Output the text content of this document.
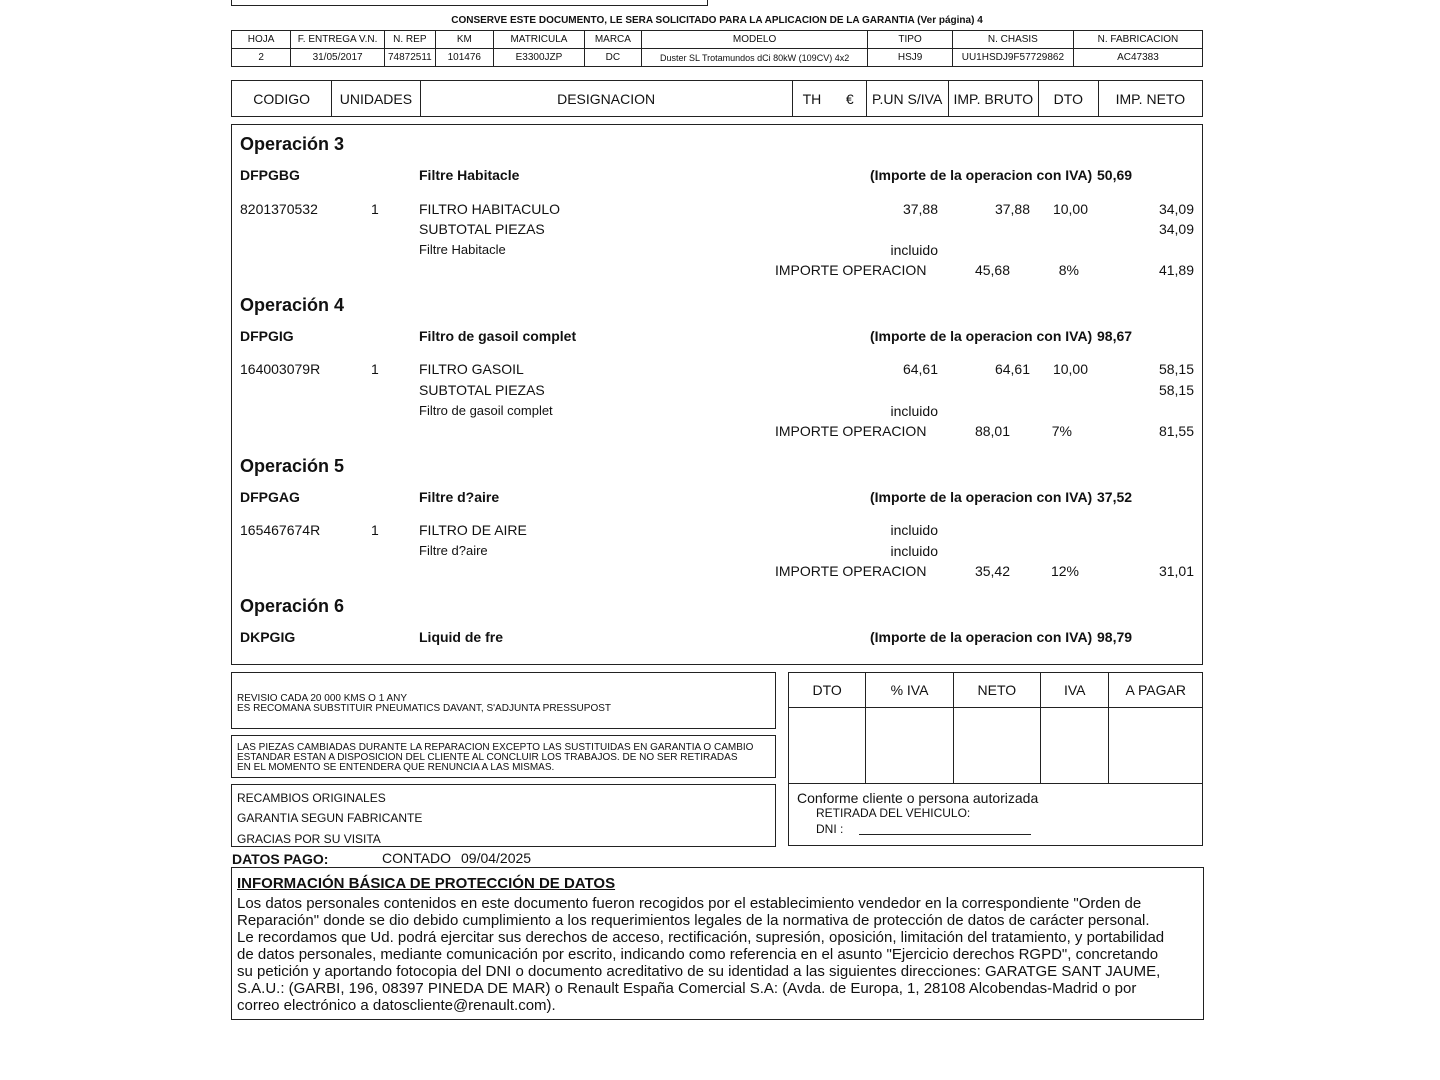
CONSERVE ESTE DOCUMENTO, LE SERA SOLICITADO PARA LA APLICACION DE LA GARANTIA (Ver página) 4
HOJA	F. ENTREGA V.N.	N. REP	KM	MATRICULA	MARCA	MODELO	TIPO	N. CHASIS	N. FABRICACION
2	31/05/2017	74872511	101476	E3300JZP	DC	Duster SL Trotamundos dCi 80kW (109CV) 4x2	HSJ9	UU1HSDJ9F57729862	AC47383
CODIGO	UNIDADES	DESIGNACION	TH €	P.UN S/IVA	IMP. BRUTO	DTO	IMP. NETO
Operación 3
DFPGBG	Filtre Habitacle	(Importe de la operacion con IVA) 50,69
8201370532	1	FILTRO HABITACULO	37,88	37,88 10,00	34,09
SUBTOTAL PIEZAS	34,09
Filtre Habitacle	incluido
IMPORTE OPERACION	45,68	8%	41,89
Operación 4
DFPGIG	Filtro de gasoil complet	(Importe de la operacion con IVA) 98,67
164003079R	1	FILTRO GASOIL	64,61	64,61 10,00	58,15
SUBTOTAL PIEZAS	58,15
Filtro de gasoil complet	incluido
IMPORTE OPERACION	88,01	7%	81,55
Operación 5
DFPGAG	Filtre d?aire	(Importe de la operacion con IVA) 37,52
165467674R	1	FILTRO DE AIRE	incluido
Filtre d?aire	incluido
IMPORTE OPERACION	35,42	12%	31,01
Operación 6
DKPGIG	Liquid de fre	(Importe de la operacion con IVA) 98,79
REVISIO CADA 20 000 KMS O 1 ANY
ES RECOMANA SUBSTITUIR PNEUMATICS DAVANT, S'ADJUNTA PRESSUPOST
LAS PIEZAS CAMBIADAS DURANTE LA REPARACION EXCEPTO LAS SUSTITUIDAS EN GARANTIA O CAMBIO
ESTANDAR ESTAN A DISPOSICION DEL CLIENTE AL CONCLUIR LOS TRABAJOS. DE NO SER RETIRADAS
EN EL MOMENTO SE ENTENDERA QUE RENUNCIA A LAS MISMAS.
RECAMBIOS ORIGINALES
GARANTIA SEGUN FABRICANTE
GRACIAS POR SU VISITA
DTO	% IVA	NETO	IVA	A PAGAR

Conforme cliente o persona autorizada
RETIRADA DEL VEHICULO:
DNI :
DATOS PAGO:	CONTADO 09/04/2025
INFORMACIÓN BÁSICA DE PROTECCIÓN DE DATOS
Los datos personales contenidos en este documento fueron recogidos por el establecimiento vendedor en la correspondiente "Orden de
Reparación" donde se dio debido cumplimiento a los requerimientos legales de la normativa de protección de datos de carácter personal.
Le recordamos que Ud. podrá ejercitar sus derechos de acceso, rectificación, supresión, oposición, limitación del tratamiento, y portabilidad
de datos personales, mediante comunicación por escrito, indicando como referencia en el asunto "Ejercicio derechos RGPD", concretando
su petición y aportando fotocopia del DNI o documento acreditativo de su identidad a las siguientes direcciones: GARATGE SANT JAUME,
S.A.U.: (GARBI, 196, 08397 PINEDA DE MAR) o Renault España Comercial S.A: (Avda. de Europa, 1, 28108 Alcobendas-Madrid o por
correo electrónico a datoscliente@renault.com).
